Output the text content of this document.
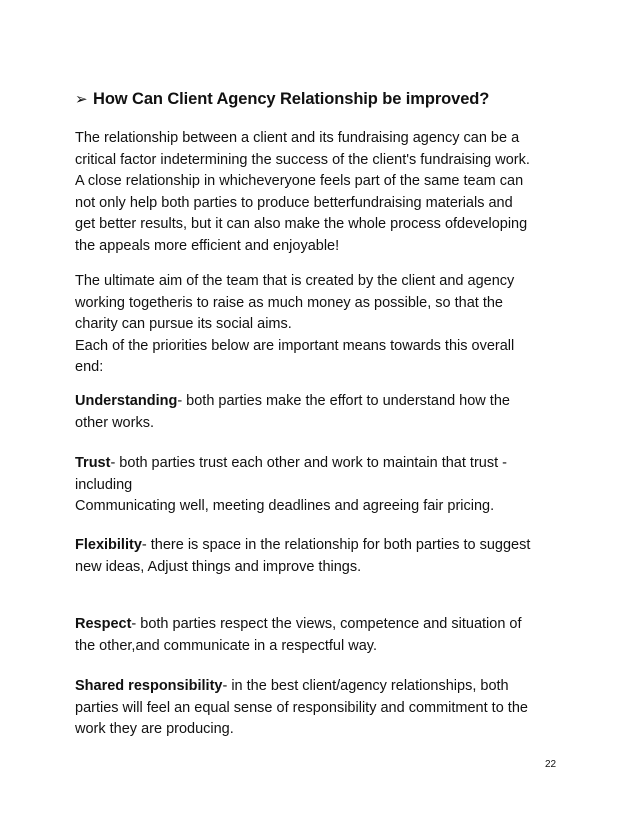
➢ How Can Client Agency Relationship be improved?
The relationship between a client and its fundraising agency can be a
critical factor indetermining the success of the client's fundraising work.
A close relationship in whicheveryone feels part of the same team can
not only help both parties to produce betterfundraising materials and
get better results, but it can also make the whole process ofdeveloping
the appeals more efficient and enjoyable!
The ultimate aim of the team that is created by the client and agency
working togetheris to raise as much money as possible, so that the
charity can pursue its social aims.
Each of the priorities below are important means towards this overall
end:
Understanding- both parties make the effort to understand how the
other works.
Trust- both parties trust each other and work to maintain that trust -
including
Communicating well, meeting deadlines and agreeing fair pricing.
Flexibility- there is space in the relationship for both parties to suggest
new ideas, Adjust things and improve things.
Respect- both parties respect the views, competence and situation of
the other,and communicate in a respectful way.
Shared responsibility- in the best client/agency relationships, both
parties will feel an equal sense of responsibility and commitment to the
work they are producing.
22
